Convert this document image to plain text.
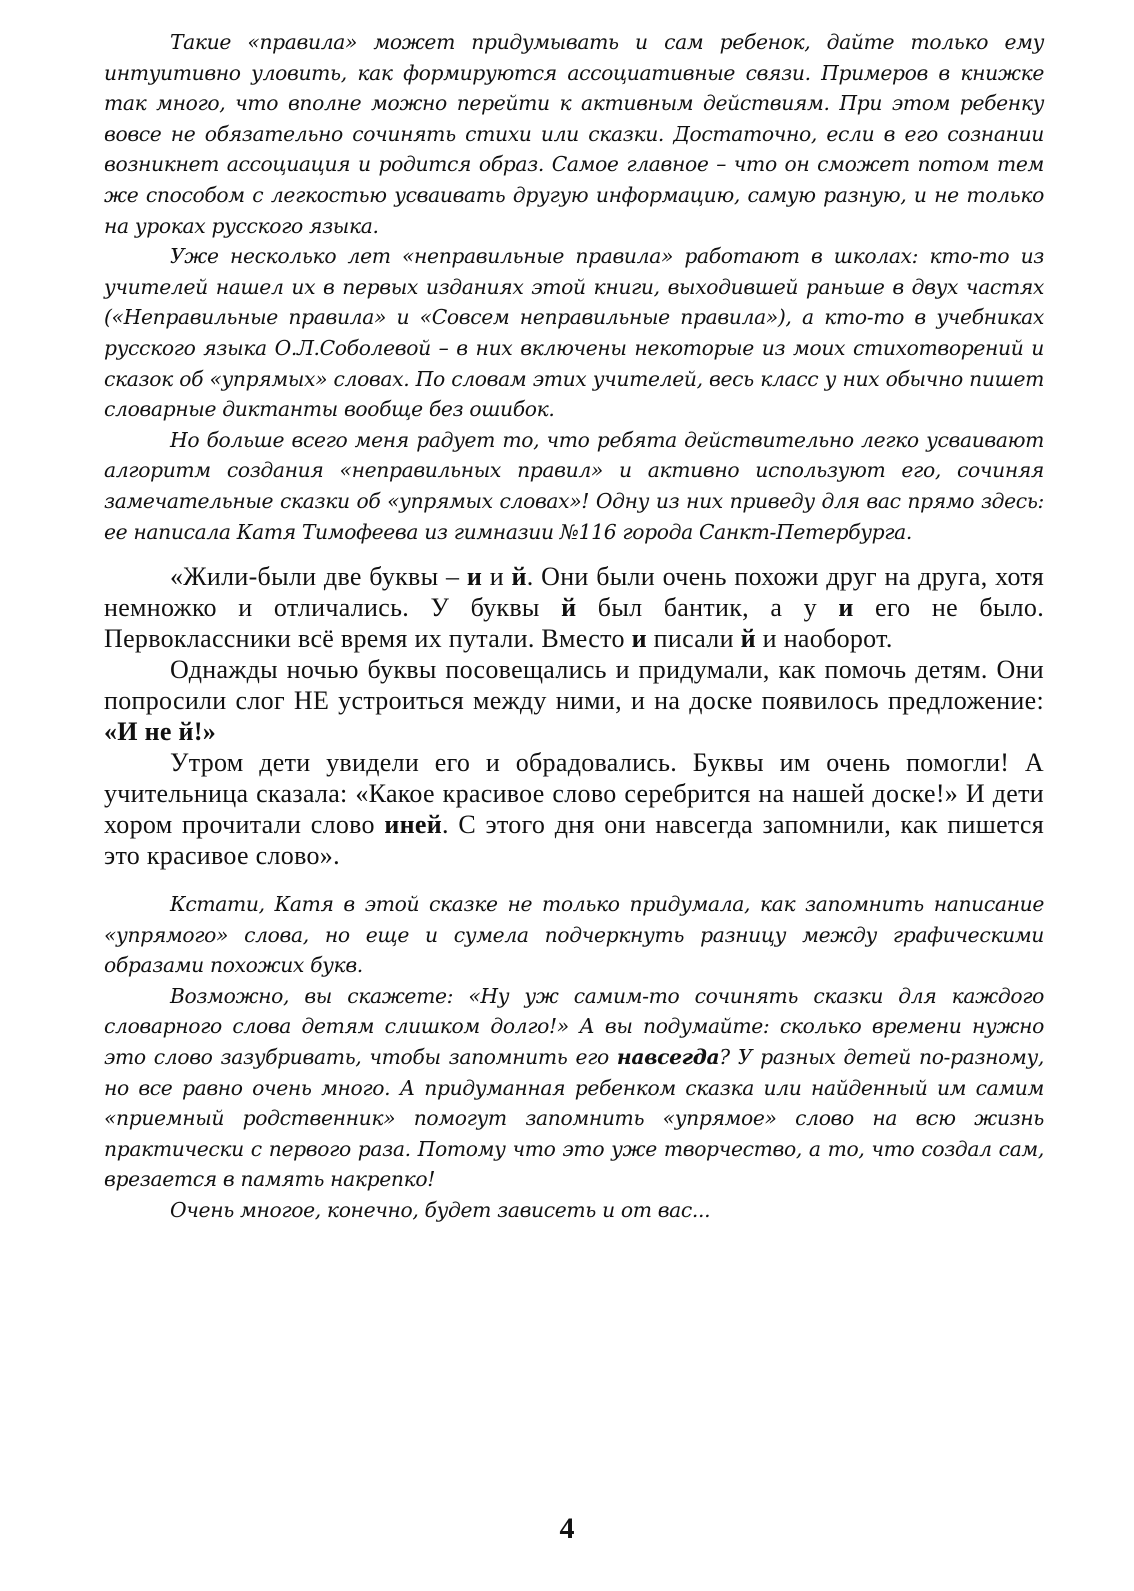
Такие «правила» может придумывать и сам ребенок, дайте только ему интуитивно уловить, как формируются ассоциативные связи. Примеров в книжке так много, что вполне можно перейти к активным действиям. При этом ребенку вовсе не обязательно сочинять стихи или сказки. Достаточно, если в его сознании возникнет ассоциация и родится образ. Самое главное – что он сможет потом тем же способом с легкостью усваивать другую информацию, самую разную, и не только на уроках русского языка.

Уже несколько лет «неправильные правила» работают в школах: кто-то из учителей нашел их в первых изданиях этой книги, выходившей раньше в двух частях («Неправильные правила» и «Совсем неправильные правила»), а кто-то в учебниках русского языка О.Л.Соболевой – в них включены некоторые из моих стихотворений и сказок об «упрямых» словах. По словам этих учителей, весь класс у них обычно пишет словарные диктанты вообще без ошибок.

Но больше всего меня радует то, что ребята действительно легко усваивают алгоритм создания «неправильных правил» и активно используют его, сочиняя замечательные сказки об «упрямых словах»! Одну из них приведу для вас прямо здесь: ее написала Катя Тимофеева из гимназии №116 города Санкт-Петербурга.

«Жили-были две буквы – и и й. Они были очень похожи друг на друга, хотя немножко и отличались. У буквы й был бантик, а у и его не было. Первоклассники всё время их путали. Вместо и писали й и наоборот.

Однажды ночью буквы посовещались и придумали, как помочь детям. Они попросили слог НЕ устроиться между ними, и на доске появилось предложение: «И не й!»

Утром дети увидели его и обрадовались. Буквы им очень помогли! А учительница сказала: «Какое красивое слово серебрится на нашей доске!» И дети хором прочитали слово иней. С этого дня они навсегда запомнили, как пишется это красивое слово».

Кстати, Катя в этой сказке не только придумала, как запомнить написание «упрямого» слова, но еще и сумела подчеркнуть разницу между графическими образами похожих букв.

Возможно, вы скажете: «Ну уж самим-то сочинять сказки для каждого словарного слова детям слишком долго!» А вы подумайте: сколько времени нужно это слово зазубривать, чтобы запомнить его навсегда? У разных детей по-разному, но все равно очень много. А придуманная ребенком сказка или найденный им самим «приемный родственник» помогут запомнить «упрямое» слово на всю жизнь практически с первого раза. Потому что это уже творчество, а то, что создал сам, врезается в память накрепко!

Очень многое, конечно, будет зависеть и от вас...

4
